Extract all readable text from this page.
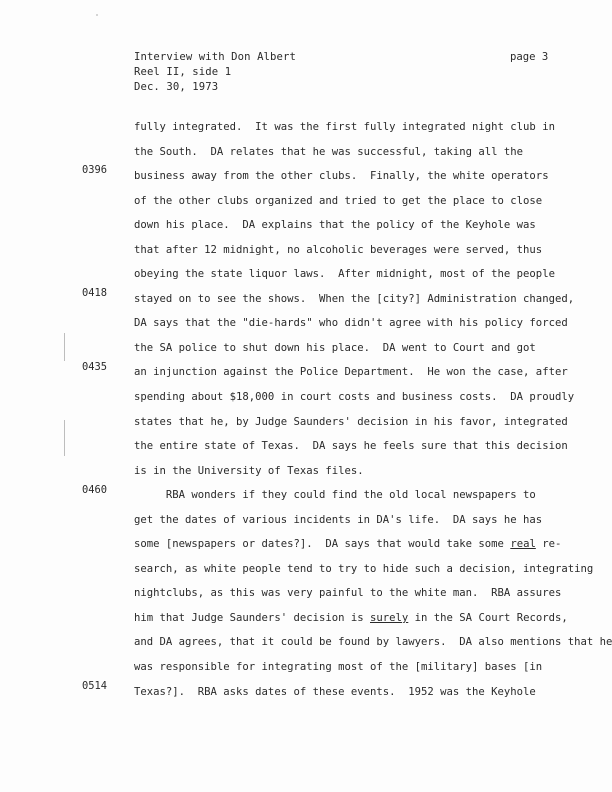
Interview with Don Albert
Reel II, side 1
Dec. 30, 1973
page 3
0396
0418
0435
0460
0514
fully integrated.  It was the first fully integrated night club in
the South.  DA relates that he was successful, taking all the
business away from the other clubs.  Finally, the white operators
of the other clubs organized and tried to get the place to close
down his place.  DA explains that the policy of the Keyhole was
that after 12 midnight, no alcoholic beverages were served, thus
obeying the state liquor laws.  After midnight, most of the people
stayed on to see the shows.  When the [city?] Administration changed,
DA says that the "die-hards" who didn't agree with his policy forced
the SA police to shut down his place.  DA went to Court and got
an injunction against the Police Department.  He won the case, after
spending about $18,000 in court costs and business costs.  DA proudly
states that he, by Judge Saunders' decision in his favor, integrated
the entire state of Texas.  DA says he feels sure that this decision
is in the University of Texas files.
RBA wonders if they could find the old local newspapers to
get the dates of various incidents in DA's life.  DA says he has
some [newspapers or dates?].  DA says that would take some real re-
search, as white people tend to try to hide such a decision, integrating
nightclubs, as this was very painful to the white man.  RBA assures
him that Judge Saunders' decision is surely in the SA Court Records,
and DA agrees, that it could be found by lawyers.  DA also mentions that he
was responsible for integrating most of the [military] bases [in
Texas?].  RBA asks dates of these events.  1952 was the Keyhole
